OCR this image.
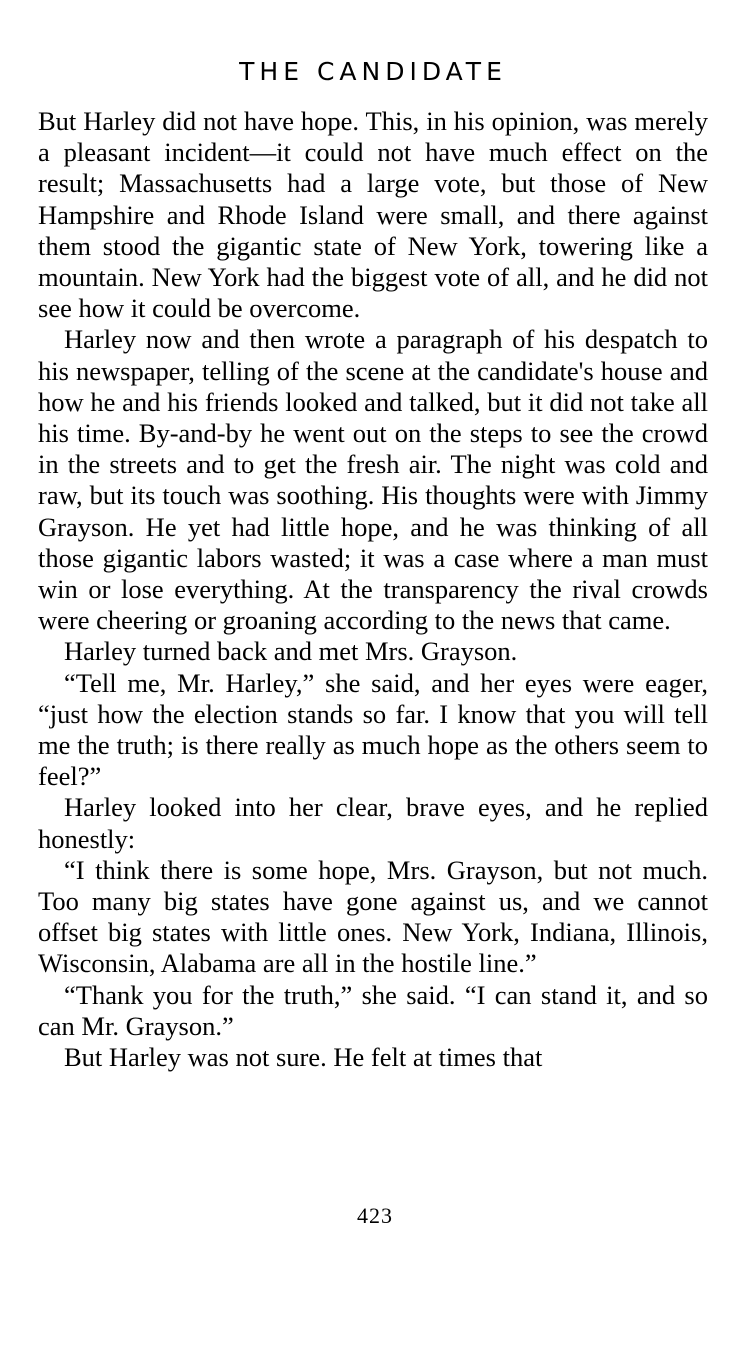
THE CANDIDATE

But Harley did not have hope. This, in his opinion, was merely a pleasant incident—it could not have much effect on the result; Massachusetts had a large vote, but those of New Hampshire and Rhode Island were small, and there against them stood the gigantic state of New York, towering like a mountain. New York had the biggest vote of all, and he did not see how it could be overcome.

Harley now and then wrote a paragraph of his despatch to his newspaper, telling of the scene at the candidate's house and how he and his friends looked and talked, but it did not take all his time. By-and-by he went out on the steps to see the crowd in the streets and to get the fresh air. The night was cold and raw, but its touch was soothing. His thoughts were with Jimmy Grayson. He yet had little hope, and he was thinking of all those gigantic labors wasted; it was a case where a man must win or lose everything. At the transparency the rival crowds were cheering or groaning according to the news that came.

Harley turned back and met Mrs. Grayson.

“Tell me, Mr. Harley,” she said, and her eyes were eager, “just how the election stands so far. I know that you will tell me the truth; is there really as much hope as the others seem to feel?”

Harley looked into her clear, brave eyes, and he replied honestly:

“I think there is some hope, Mrs. Grayson, but not much. Too many big states have gone against us, and we cannot offset big states with little ones. New York, Indiana, Illinois, Wisconsin, Alabama are all in the hostile line.”

“Thank you for the truth,” she said. “I can stand it, and so can Mr. Grayson.”

But Harley was not sure. He felt at times that

423
